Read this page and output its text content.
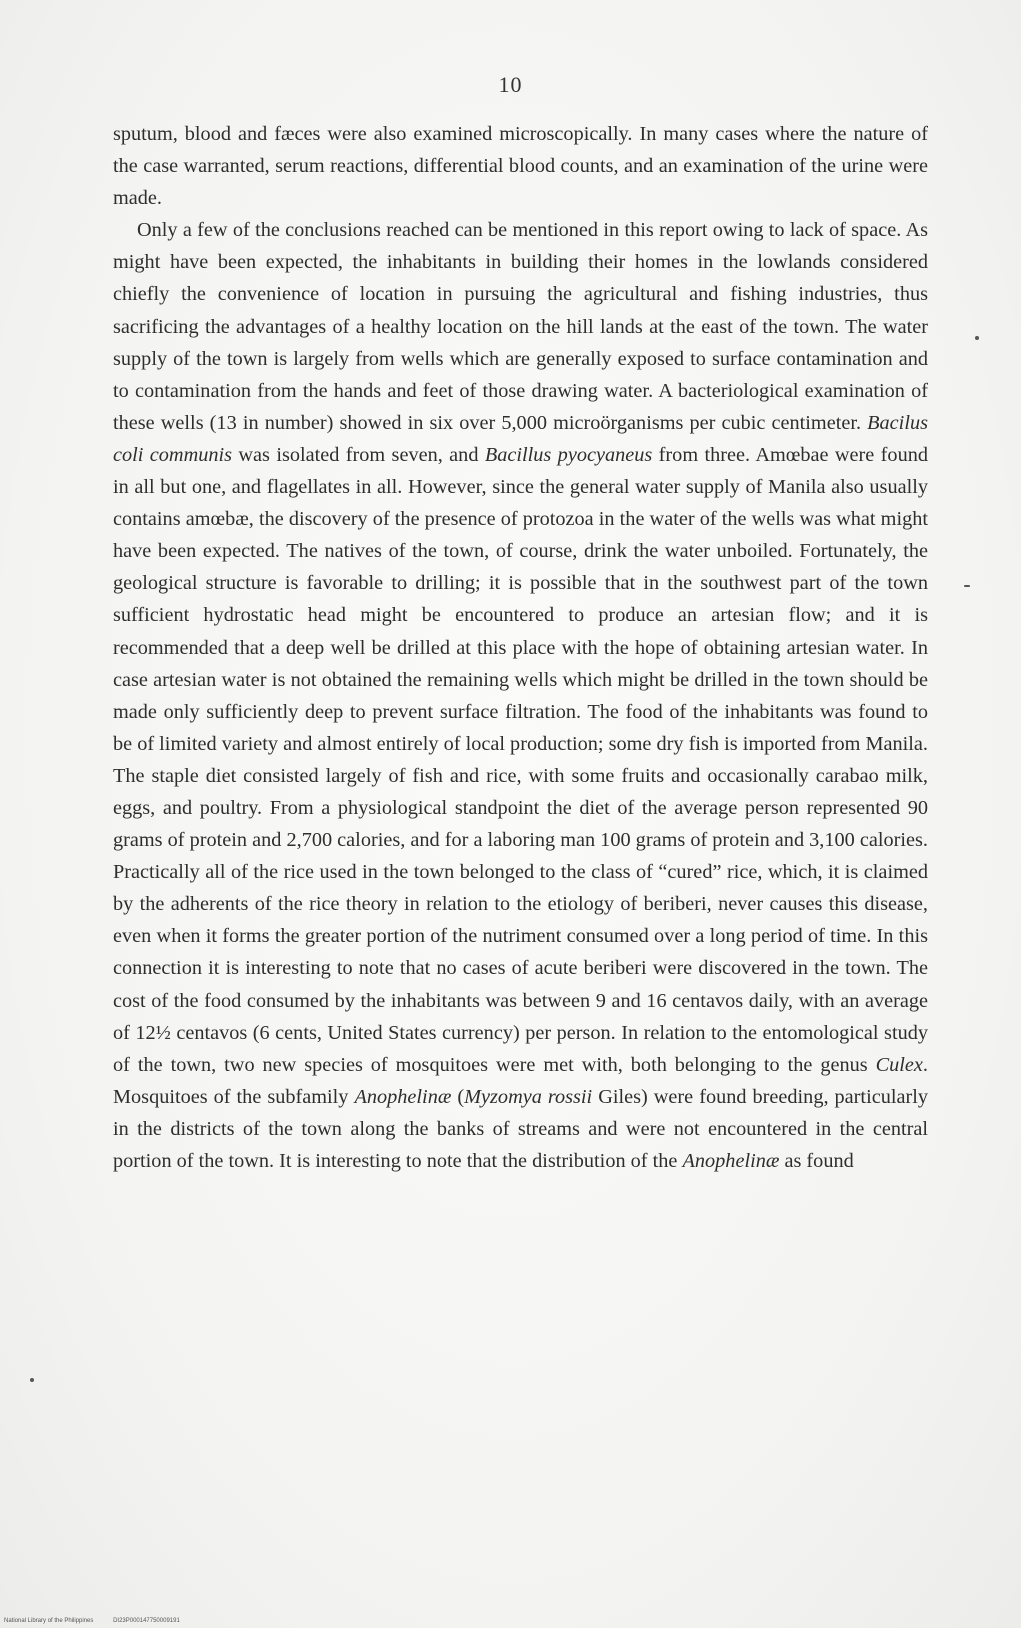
10

sputum, blood and fæces were also examined microscopically. In many cases where the nature of the case warranted, serum reactions, differential blood counts, and an examination of the urine were made.

Only a few of the conclusions reached can be mentioned in this report owing to lack of space. As might have been expected, the inhabitants in building their homes in the lowlands considered chiefly the convenience of location in pursuing the agricultural and fishing industries, thus sacrificing the advantages of a healthy location on the hill lands at the east of the town. The water supply of the town is largely from wells which are generally exposed to surface contamination and to contamination from the hands and feet of those drawing water. A bacteriological examination of these wells (13 in number) showed in six over 5,000 microörganisms per cubic centimeter. Bacilus coli communis was isolated from seven, and Bacillus pyocyaneus from three. Amœbae were found in all but one, and flagellates in all. However, since the general water supply of Manila also usually contains amœbæ, the discovery of the presence of protozoa in the water of the wells was what might have been expected. The natives of the town, of course, drink the water unboiled. Fortunately, the geological structure is favorable to drilling; it is possible that in the southwest part of the town sufficient hydrostatic head might be encountered to produce an artesian flow; and it is recommended that a deep well be drilled at this place with the hope of obtaining artesian water. In case artesian water is not obtained the remaining wells which might be drilled in the town should be made only sufficiently deep to prevent surface filtration. The food of the inhabitants was found to be of limited variety and almost entirely of local production; some dry fish is imported from Manila. The staple diet consisted largely of fish and rice, with some fruits and occasionally carabao milk, eggs, and poultry. From a physiological standpoint the diet of the average person represented 90 grams of protein and 2,700 calories, and for a laboring man 100 grams of protein and 3,100 calories. Practically all of the rice used in the town belonged to the class of “cured” rice, which, it is claimed by the adherents of the rice theory in relation to the etiology of beriberi, never causes this disease, even when it forms the greater portion of the nutriment consumed over a long period of time. In this connection it is interesting to note that no cases of acute beriberi were discovered in the town. The cost of the food consumed by the inhabitants was between 9 and 16 centavos daily, with an average of 12½ centavos (6 cents, United States currency) per person. In relation to the entomological study of the town, two new species of mosquitoes were met with, both belonging to the genus Culex. Mosquitoes of the subfamily Anophelinæ (Myzomya rossii Giles) were found breeding, particularly in the districts of the town along the banks of streams and were not encountered in the central portion of the town. It is interesting to note that the distribution of the Anophelinæ as found

National Library of the Philippines	DI23P000147750009191
